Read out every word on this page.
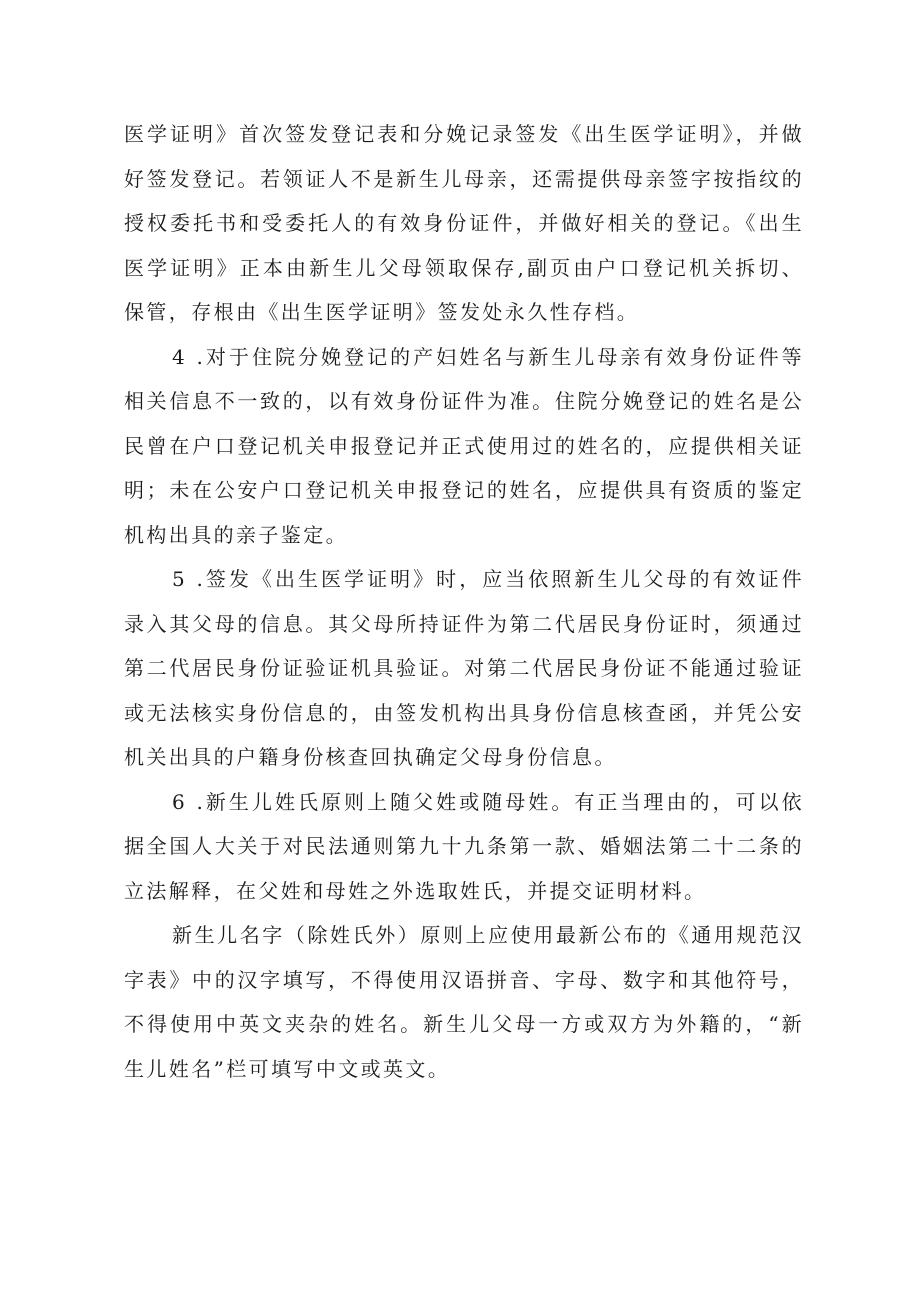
医学证明》首次签发登记表和分娩记录签发《出生医学证明》，并做好签发登记。若领证人不是新生儿母亲，还需提供母亲签字按指纹的授权委托书和受委托人的有效身份证件，并做好相关的登记。《出生医学证明》正本由新生儿父母领取保存,副页由户口登记机关拆切、保管，存根由《出生医学证明》签发处永久性存档。

4 .对于住院分娩登记的产妇姓名与新生儿母亲有效身份证件等相关信息不一致的，以有效身份证件为准。住院分娩登记的姓名是公民曾在户口登记机关申报登记并正式使用过的姓名的，应提供相关证明；未在公安户口登记机关申报登记的姓名，应提供具有资质的鉴定机构出具的亲子鉴定。

5 .签发《出生医学证明》时，应当依照新生儿父母的有效证件录入其父母的信息。其父母所持证件为第二代居民身份证时，须通过第二代居民身份证验证机具验证。对第二代居民身份证不能通过验证或无法核实身份信息的，由签发机构出具身份信息核查函，并凭公安机关出具的户籍身份核查回执确定父母身份信息。

6 .新生儿姓氏原则上随父姓或随母姓。有正当理由的，可以依据全国人大关于对民法通则第九十九条第一款、婚姻法第二十二条的立法解释，在父姓和母姓之外选取姓氏，并提交证明材料。

新生儿名字（除姓氏外）原则上应使用最新公布的《通用规范汉字表》中的汉字填写，不得使用汉语拼音、字母、数字和其他符号，不得使用中英文夹杂的姓名。新生儿父母一方或双方为外籍的，“新生儿姓名”栏可填写中文或英文。
